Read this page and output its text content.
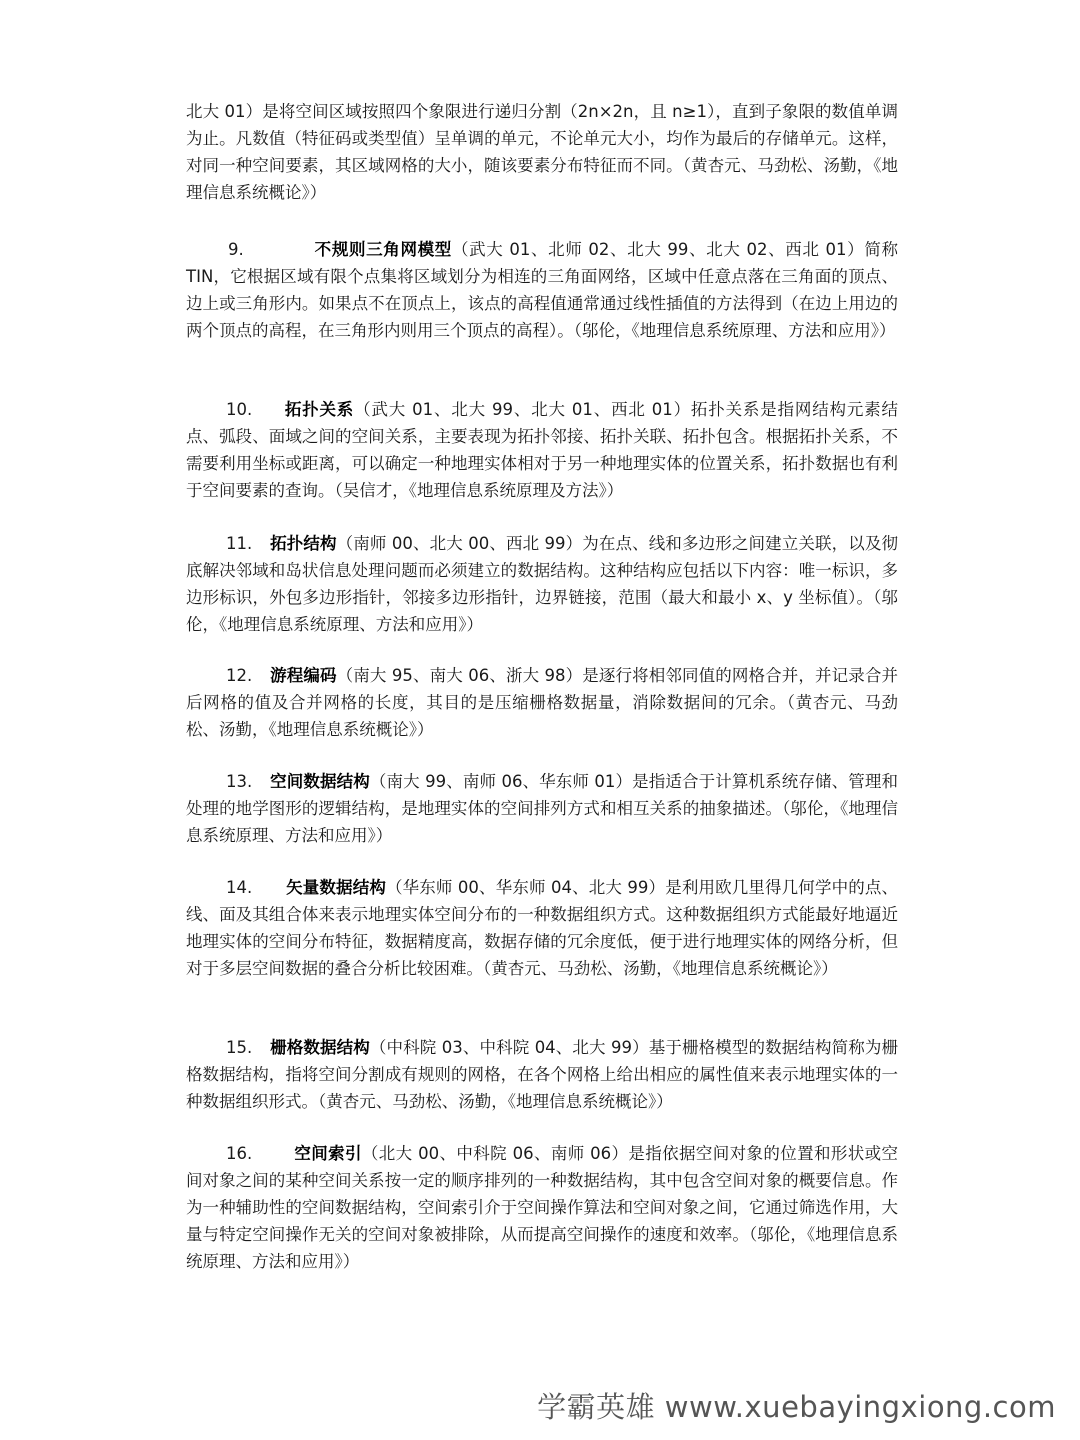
北大 01）是将空间区域按照四个象限进行递归分割（2n×2n，且 n≥1），直到子象限的数值单调为止。凡数值（特征码或类型值）呈单调的单元，不论单元大小，均作为最后的存储单元。这样，对同一种空间要素，其区域网格的大小，随该要素分布特征而不同。（黄杏元、马劲松、汤勤，《地理信息系统概论》）

9.	不规则三角网模型（武大 01、北师 02、北大 99、北大 02、西北 01）简称 TIN，它根据区域有限个点集将区域划分为相连的三角面网络，区域中任意点落在三角面的顶点、边上或三角形内。如果点不在顶点上，该点的高程值通常通过线性插值的方法得到（在边上用边的两个顶点的高程，在三角形内则用三个顶点的高程）。（邬伦，《地理信息系统原理、方法和应用》）

10. 拓扑关系（武大 01、北大 99、北大 01、西北 01）拓扑关系是指网结构元素结点、弧段、面域之间的空间关系，主要表现为拓扑邻接、拓扑关联、拓扑包含。根据拓扑关系，不需要利用坐标或距离，可以确定一种地理实体相对于另一种地理实体的位置关系，拓扑数据也有利于空间要素的查询。（吴信才，《地理信息系统原理及方法》）

11. 拓扑结构（南师 00、北大 00、西北 99）为在点、线和多边形之间建立关联，以及彻底解决邻域和岛状信息处理问题而必须建立的数据结构。这种结构应包括以下内容：唯一标识，多边形标识，外包多边形指针，邻接多边形指针，边界链接，范围（最大和最小 x、y 坐标值）。（邬伦，《地理信息系统原理、方法和应用》）

12. 游程编码（南大 95、南大 06、浙大 98）是逐行将相邻同值的网格合并，并记录合并后网格的值及合并网格的长度，其目的是压缩栅格数据量，消除数据间的冗余。（黄杏元、马劲松、汤勤，《地理信息系统概论》）

13. 空间数据结构（南大 99、南师 06、华东师 01）是指适合于计算机系统存储、管理和处理的地学图形的逻辑结构，是地理实体的空间排列方式和相互关系的抽象描述。（邬伦，《地理信息系统原理、方法和应用》）

14. 矢量数据结构（华东师 00、华东师 04、北大 99）是利用欧几里得几何学中的点、线、面及其组合体来表示地理实体空间分布的一种数据组织方式。这种数据组织方式能最好地逼近地理实体的空间分布特征，数据精度高，数据存储的冗余度低，便于进行地理实体的网络分析，但对于多层空间数据的叠合分析比较困难。（黄杏元、马劲松、汤勤，《地理信息系统概论》）

15. 栅格数据结构（中科院 03、中科院 04、北大 99）基于栅格模型的数据结构简称为栅格数据结构，指将空间分割成有规则的网格，在各个网格上给出相应的属性值来表示地理实体的一种数据组织形式。（黄杏元、马劲松、汤勤，《地理信息系统概论》）

16.	空间索引（北大 00、中科院 06、南师 06）是指依据空间对象的位置和形状或空间对象之间的某种空间关系按一定的顺序排列的一种数据结构，其中包含空间对象的概要信息。作为一种辅助性的空间数据结构，空间索引介于空间操作算法和空间对象之间，它通过筛选作用，大量与特定空间操作无关的空间对象被排除，从而提高空间操作的速度和效率。（邬伦，《地理信息系统原理、方法和应用》）

学霸英雄 www.xuebayingxiong.com
